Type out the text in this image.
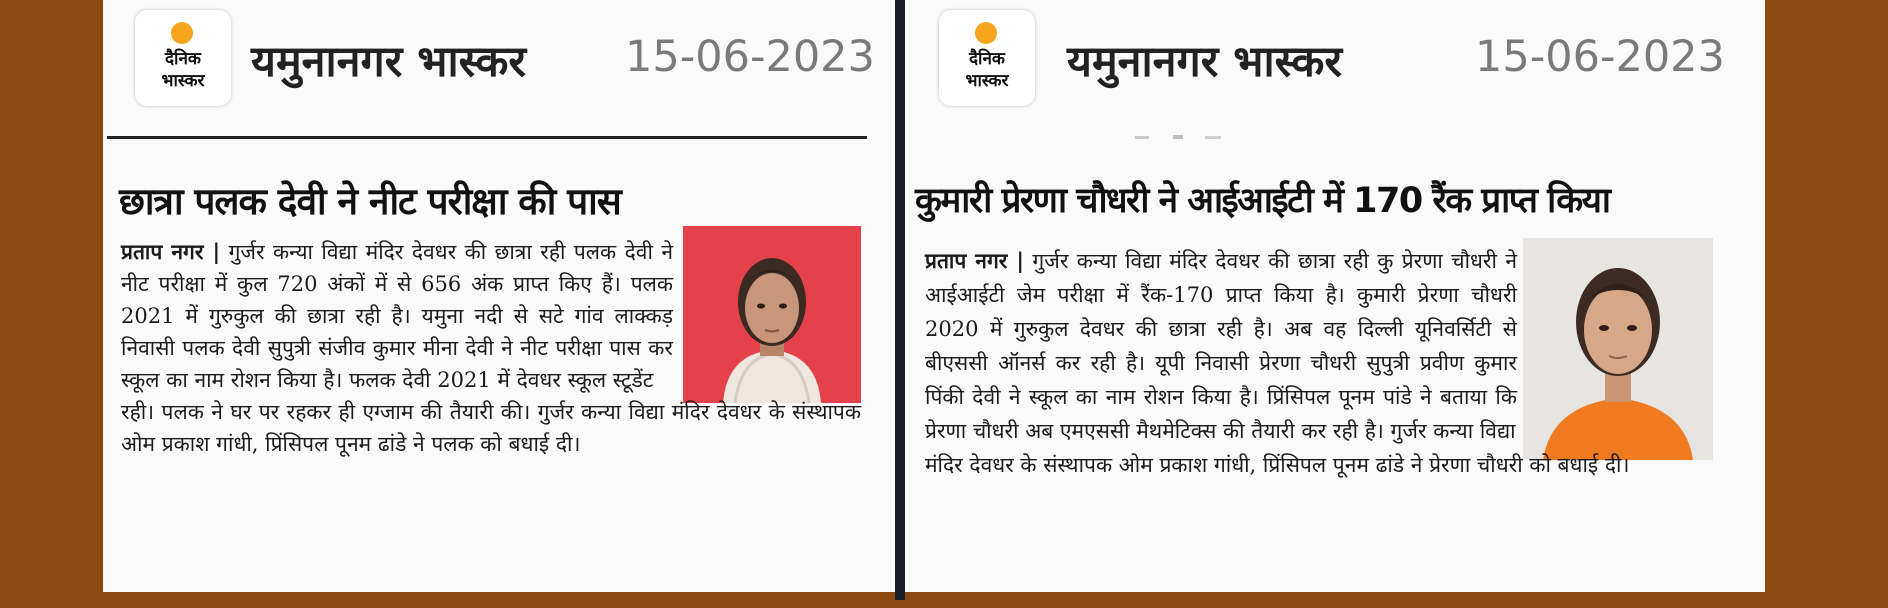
दैनिक
भास्कर	यमुनानगर भास्कर 15-06-2023
छात्रा पलक देवी ने नीट परीक्षा की पास

प्रताप नगर | गुर्जर कन्या विद्या मंदिर देवधर की छात्रा रही पलक देवी ने नीट परीक्षा में कुल 720 अंकों में से 656 अंक प्राप्त किए हैं। पलक 2021 में गुरुकुल की छात्रा रही है। यमुना नदी से सटे गांव लाक्कड़ निवासी पलक देवी सुपुत्री संजीव कुमार मीना देवी ने नीट परीक्षा पास कर स्कूल का नाम रोशन किया है। फलक देवी 2021 में देवधर स्कूल स्टूडेंट

रही। पलक ने घर पर रहकर ही एग्जाम की तैयारी की। गुर्जर कन्या विद्या मंदिर देवधर के संस्थापक ओम प्रकाश गांधी, प्रिंसिपल पूनम ढांडे ने पलक को बधाई दी।
दैनिक
भास्कर	यमुनानगर भास्कर	15-06-2023
कुमारी प्रेरणा चौधरी ने आईआईटी में 170 रैंक प्राप्त किया

प्रताप नगर | गुर्जर कन्या विद्या मंदिर देवधर की छात्रा रही कु प्रेरणा चौधरी ने आईआईटी जेम परीक्षा में रैंक-170 प्राप्त किया है। कुमारी प्रेरणा चौधरी 2020 में गुरुकुल देवधर की छात्रा रही है। अब वह दिल्ली यूनिवर्सिटी से बीएससी ऑनर्स कर रही है। यूपी निवासी प्रेरणा चौधरी सुपुत्री प्रवीण कुमार पिंकी देवी ने स्कूल का नाम रोशन किया है। प्रिंसिपल पूनम पांडे ने बताया कि प्रेरणा चौधरी अब एमएससी मैथमेटिक्स की तैयारी कर रही है। गुर्जर कन्या विद्या

मंदिर देवधर के संस्थापक ओम प्रकाश गांधी, प्रिंसिपल पूनम ढांडे ने प्रेरणा चौधरी को बधाई दी।
